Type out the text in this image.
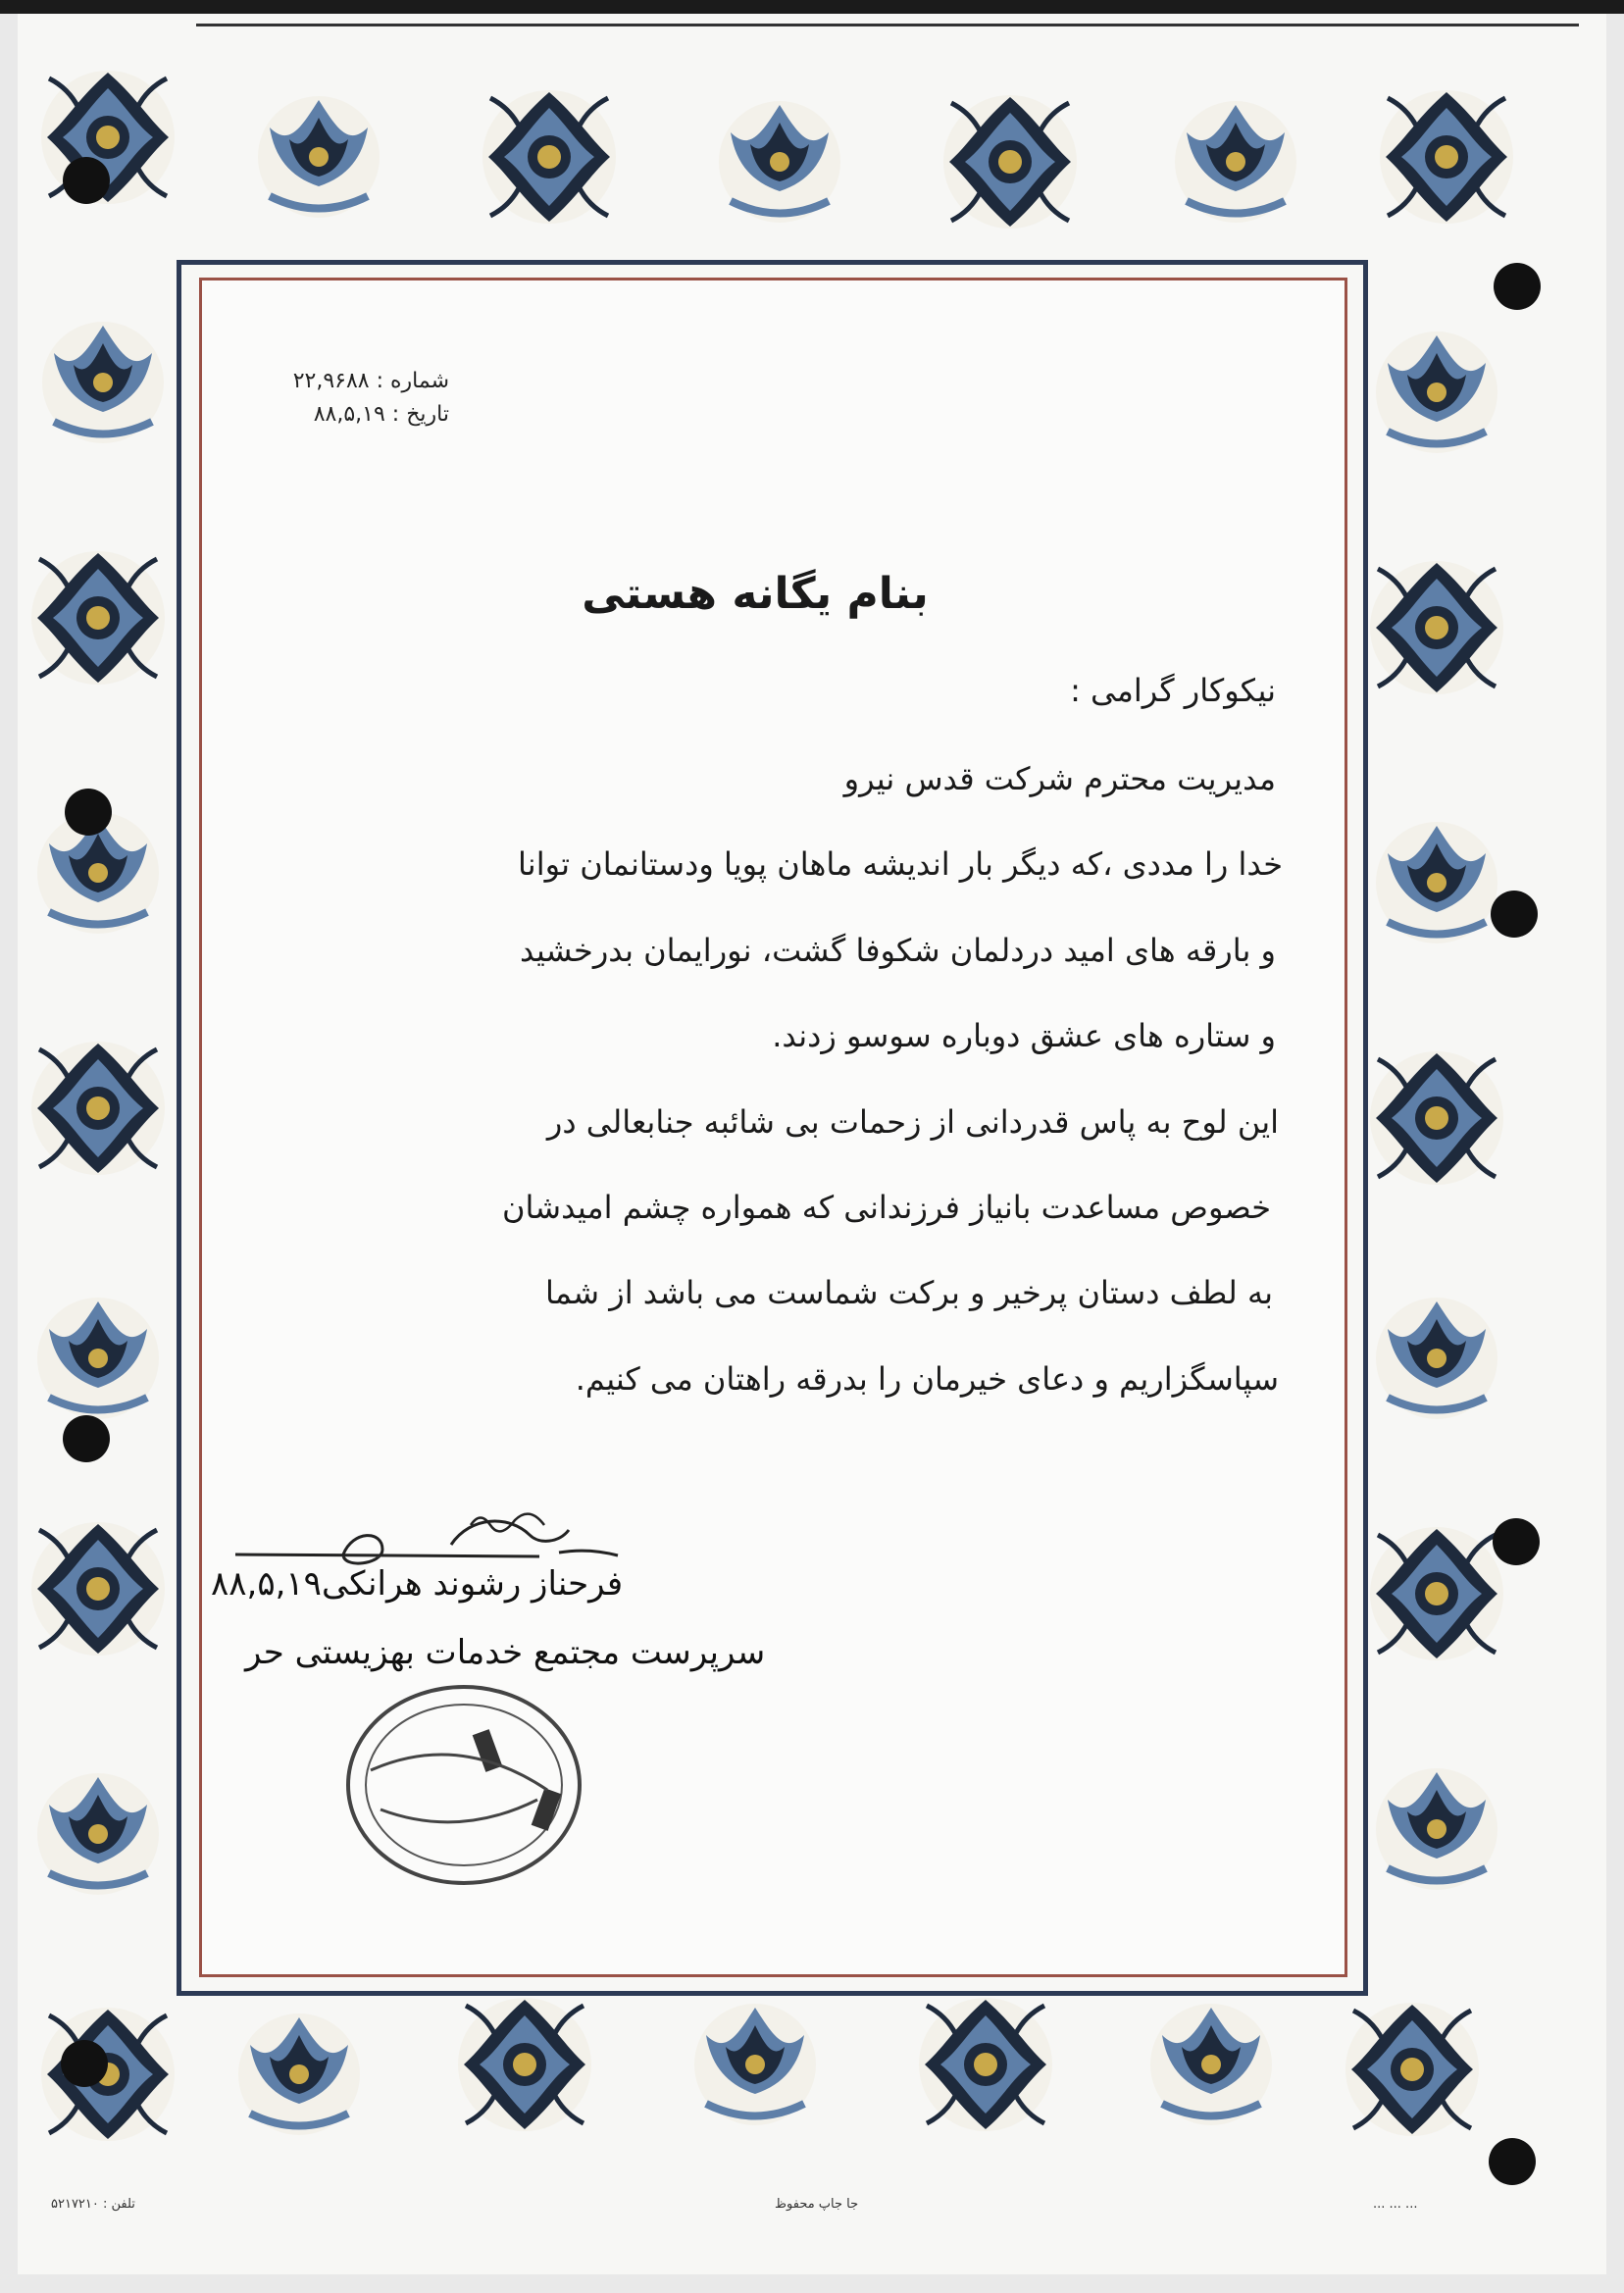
شماره : ۲۲,۹۶۸۸
تاریخ : ۸۸,۵,۱۹
بنام یگانه هستی
نیکوکار گرامی :
مدیریت محترم شرکت قدس نیرو
خدا را مددی ،که دیگر بار اندیشه ماهان پویا ودستانمان توانا
و بارقه های امید دردلمان شکوفا گشت، نورایمان بدرخشید
و ستاره های عشق دوباره سوسو زدند.
این لوح به پاس قدردانی از زحمات بی شائبه جنابعالی در
خصوص مساعدت بانیاز فرزندانی که همواره چشم امیدشان
به لطف دستان پرخیر و برکت شماست می باشد از شما
سپاسگزاریم و دعای خیرمان را بدرقه راهتان می کنیم.
فرحناز رشوند هرانکی۸۸,۵,۱۹
سرپرست مجتمع خدمات بهزیستی حر
تلفن : ۵۲۱۷۲۱۰	جا جاپ محفوظ	... ... ...
